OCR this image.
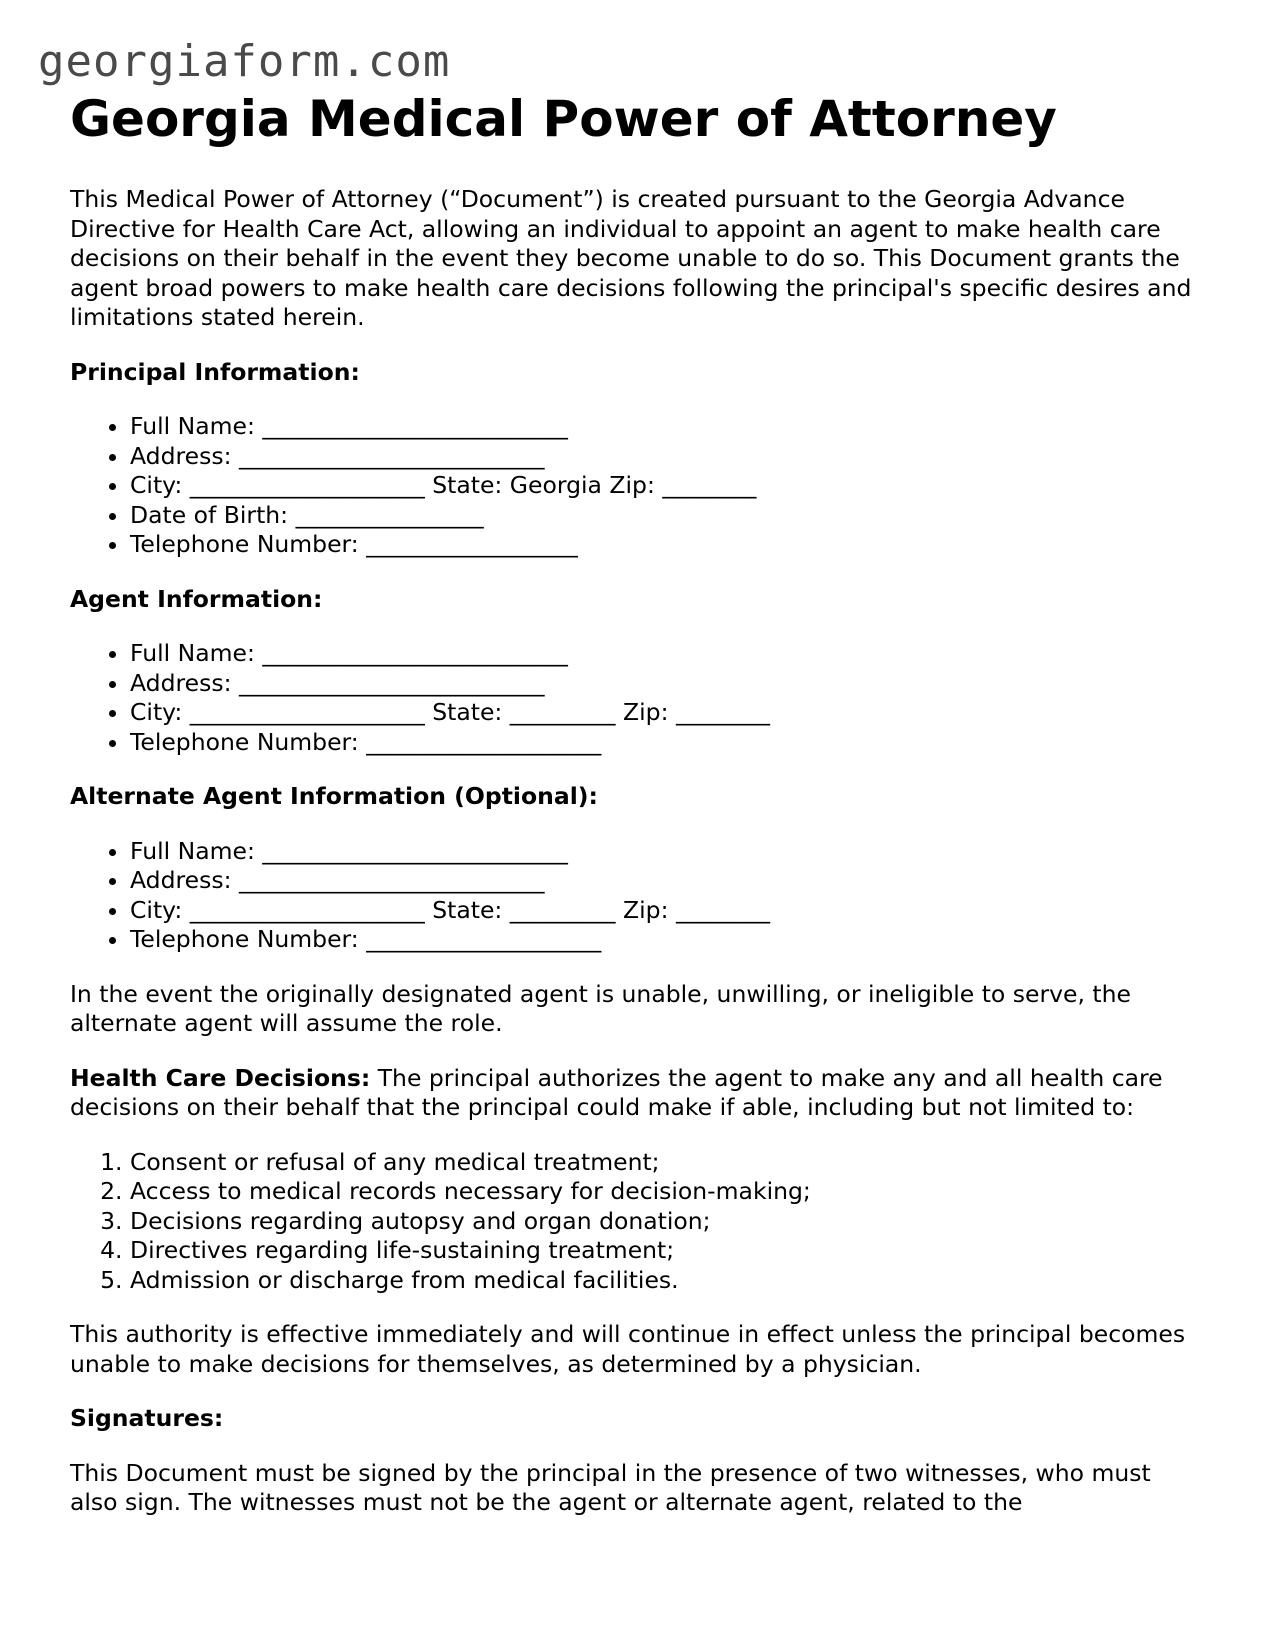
georgiaform.com
Georgia Medical Power of Attorney

This Medical Power of Attorney (“Document”) is created pursuant to the Georgia Advance Directive for Health Care Act, allowing an individual to appoint an agent to make health care decisions on their behalf in the event they become unable to do so. This Document grants the agent broad powers to make health care decisions following the principal's specific desires and limitations stated herein.

Principal Information:

• Full Name: __________________________
• Address: __________________________
• City: ____________________ State: Georgia Zip: ________
• Date of Birth: ________________
• Telephone Number: __________________

Agent Information:

• Full Name: __________________________
• Address: __________________________
• City: ____________________ State: _________ Zip: ________
• Telephone Number: ____________________

Alternate Agent Information (Optional):

• Full Name: __________________________
• Address: __________________________
• City: ____________________ State: _________ Zip: ________
• Telephone Number: ____________________

In the event the originally designated agent is unable, unwilling, or ineligible to serve, the alternate agent will assume the role.

Health Care Decisions: The principal authorizes the agent to make any and all health care decisions on their behalf that the principal could make if able, including but not limited to:

1. Consent or refusal of any medical treatment;
2. Access to medical records necessary for decision-making;
3. Decisions regarding autopsy and organ donation;
4. Directives regarding life-sustaining treatment;
5. Admission or discharge from medical facilities.

This authority is effective immediately and will continue in effect unless the principal becomes unable to make decisions for themselves, as determined by a physician.

Signatures:

This Document must be signed by the principal in the presence of two witnesses, who must also sign. The witnesses must not be the agent or alternate agent, related to the
